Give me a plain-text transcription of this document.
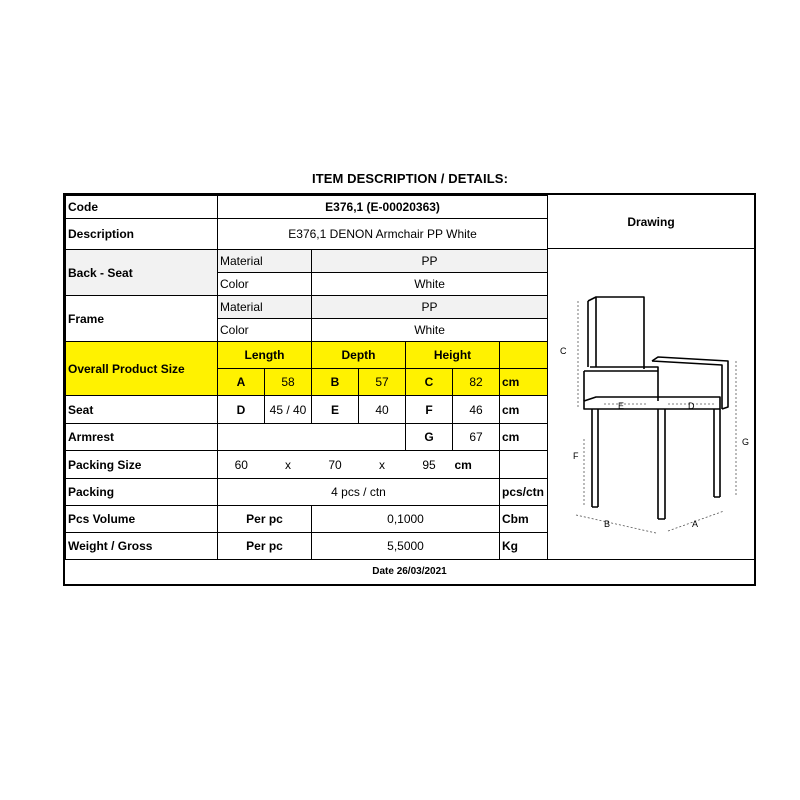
ITEM DESCRIPTION / DETAILS:
Code	E376,1 (E-00020363)						
Description	E376,1 DENON Armchair PP White						
Back - Seat	Material		PP				
	Color		White				
Frame	Material		PP				
	Color		White				
Overall Product Size	Length		Depth		Height		
	A	58	B	57	C	82	cm
Seat	D	45 / 40	E	40	F	46	cm
Armrest					G	67	cm
Packing Size	60	x	70	x	95	cm	
Packing	4 pcs / ctn						pcs/ctn
Pcs Volume	Per pc		0,1000				Cbm
Weight / Gross	Per pc		5,5000				Kg
Drawing
C
F
G
E	D
B	A
Date 26/03/2021
